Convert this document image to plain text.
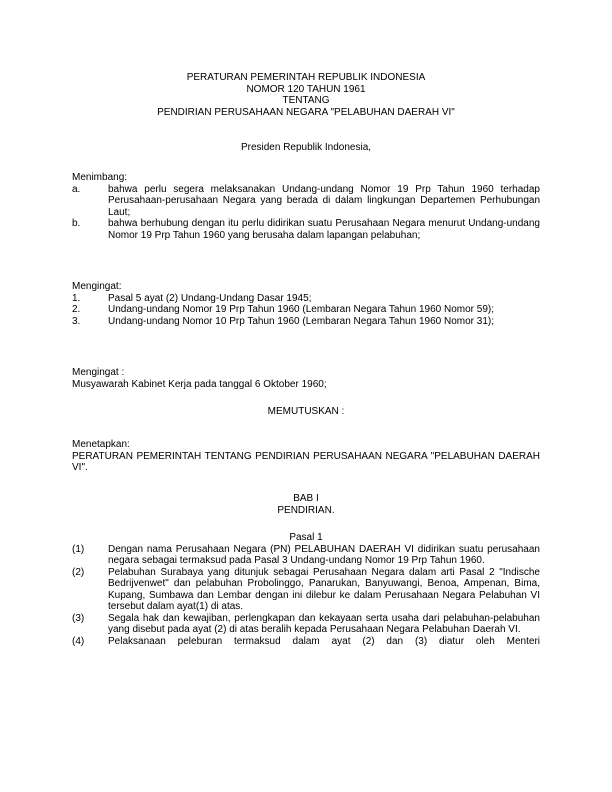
PERATURAN PEMERINTAH REPUBLIK INDONESIA
NOMOR 120 TAHUN 1961
TENTANG
PENDIRIAN PERUSAHAAN NEGARA "PELABUHAN DAERAH VI"
Presiden Republik Indonesia,
Menimbang:
a.	bahwa perlu segera melaksanakan Undang-undang Nomor 19 Prp Tahun 1960 terhadap Perusahaan-perusahaan Negara yang berada di dalam lingkungan Departemen Perhubungan Laut;
b.	bahwa berhubung dengan itu perlu didirikan suatu Perusahaan Negara menurut Undang-undang Nomor 19 Prp Tahun 1960 yang berusaha dalam lapangan pelabuhan;
Mengingat:
1.	Pasal 5 ayat (2) Undang-Undang Dasar 1945;
2.	Undang-undang Nomor 19 Prp Tahun 1960 (Lembaran Negara Tahun 1960 Nomor 59);
3.	Undang-undang Nomor 10 Prp Tahun 1960 (Lembaran Negara Tahun 1960 Nomor 31);
Mengingat :
Musyawarah Kabinet Kerja pada tanggal 6 Oktober 1960;
MEMUTUSKAN :
Menetapkan:
PERATURAN PEMERINTAH TENTANG PENDIRIAN PERUSAHAAN NEGARA "PELABUHAN DAERAH VI".
BAB I
PENDIRIAN.
Pasal 1
(1) Dengan nama Perusahaan Negara (PN) PELABUHAN DAERAH VI didirikan suatu perusahaan negara sebagai termaksud pada Pasal 3 Undang-undang Nomor 19 Prp Tahun 1960.
(2) Pelabuhan Surabaya yang ditunjuk sebagai Perusahaan Negara dalam arti Pasal 2 "Indische Bedrijvenwet" dan pelabuhan Probolinggo, Panarukan, Banyuwangi, Benoa, Ampenan, Bima, Kupang, Sumbawa dan Lembar dengan ini dilebur ke dalam Perusahaan Negara Pelabuhan VI tersebut dalam ayat(1) di atas.
(3) Segala hak dan kewajiban, perlengkapan dan kekayaan serta usaha dari pelabuhan-pelabuhan yang disebut pada ayat (2) di atas beralih kepada Perusahaan Negara Pelabuhan Daerah VI.
(4) Pelaksanaan peleburan termaksud dalam ayat (2) dan (3) diatur oleh Menteri
